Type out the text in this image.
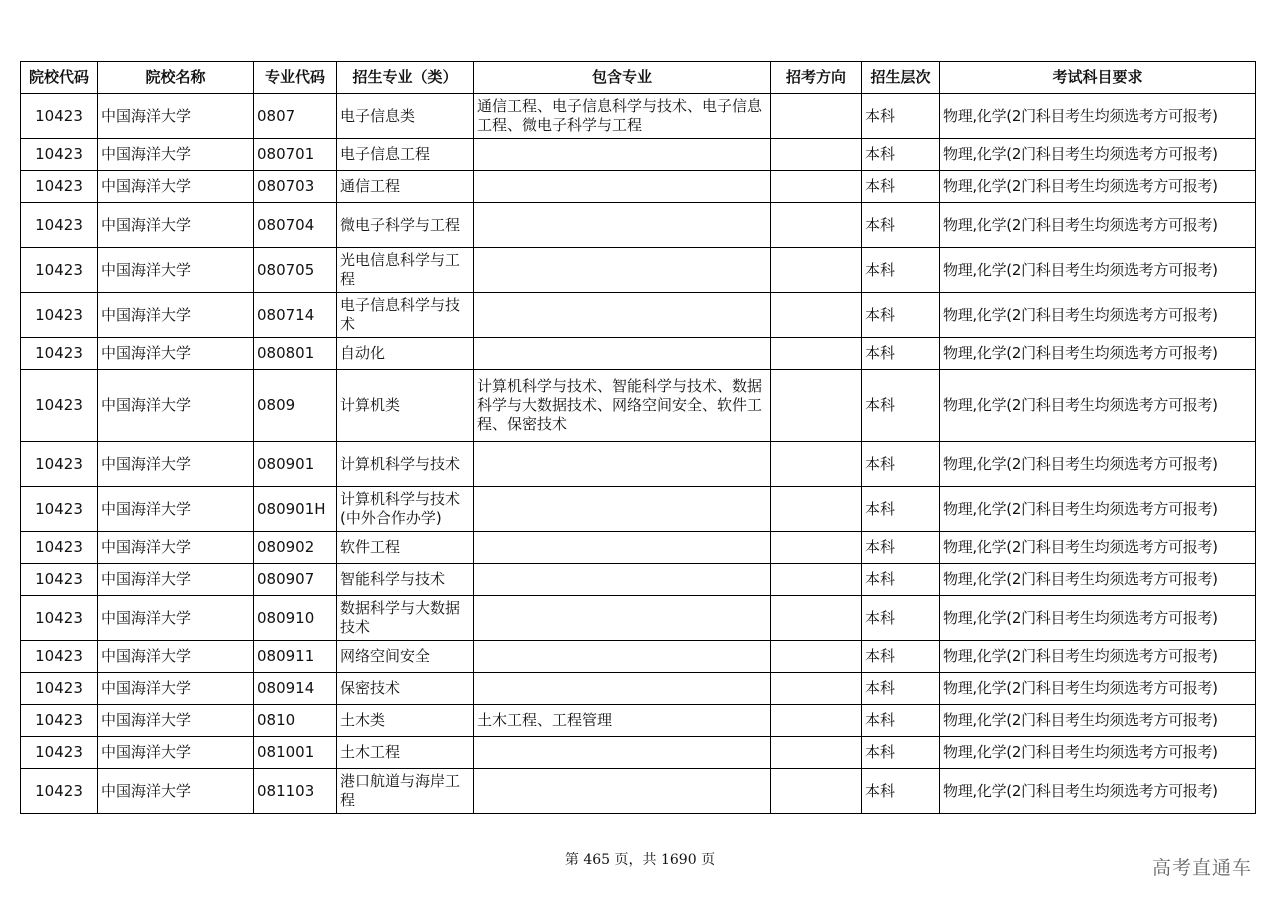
院校代码	院校名称	专业代码	招生专业（类）	包含专业	招考方向	招生层次	考试科目要求
10423	中国海洋大学	0807	电子信息类	通信工程、电子信息科学与技术、电子信息工程、微电子科学与工程		本科	物理,化学(2门科目考生均须选考方可报考)
10423	中国海洋大学	080701	电子信息工程			本科	物理,化学(2门科目考生均须选考方可报考)
10423	中国海洋大学	080703	通信工程			本科	物理,化学(2门科目考生均须选考方可报考)
10423	中国海洋大学	080704	微电子科学与工程			本科	物理,化学(2门科目考生均须选考方可报考)
10423	中国海洋大学	080705	光电信息科学与工程			本科	物理,化学(2门科目考生均须选考方可报考)
10423	中国海洋大学	080714	电子信息科学与技术			本科	物理,化学(2门科目考生均须选考方可报考)
10423	中国海洋大学	080801	自动化			本科	物理,化学(2门科目考生均须选考方可报考)
10423	中国海洋大学	0809	计算机类	计算机科学与技术、智能科学与技术、数据科学与大数据技术、网络空间安全、软件工程、保密技术		本科	物理,化学(2门科目考生均须选考方可报考)
10423	中国海洋大学	080901	计算机科学与技术			本科	物理,化学(2门科目考生均须选考方可报考)
10423	中国海洋大学	080901H	计算机科学与技术(中外合作办学)			本科	物理,化学(2门科目考生均须选考方可报考)
10423	中国海洋大学	080902	软件工程			本科	物理,化学(2门科目考生均须选考方可报考)
10423	中国海洋大学	080907	智能科学与技术			本科	物理,化学(2门科目考生均须选考方可报考)
10423	中国海洋大学	080910	数据科学与大数据技术			本科	物理,化学(2门科目考生均须选考方可报考)
10423	中国海洋大学	080911	网络空间安全			本科	物理,化学(2门科目考生均须选考方可报考)
10423	中国海洋大学	080914	保密技术			本科	物理,化学(2门科目考生均须选考方可报考)
10423	中国海洋大学	0810	土木类	土木工程、工程管理		本科	物理,化学(2门科目考生均须选考方可报考)
10423	中国海洋大学	081001	土木工程			本科	物理,化学(2门科目考生均须选考方可报考)
10423	中国海洋大学	081103	港口航道与海岸工程			本科	物理,化学(2门科目考生均须选考方可报考)
第 465 页，共 1690 页	高考直通车
